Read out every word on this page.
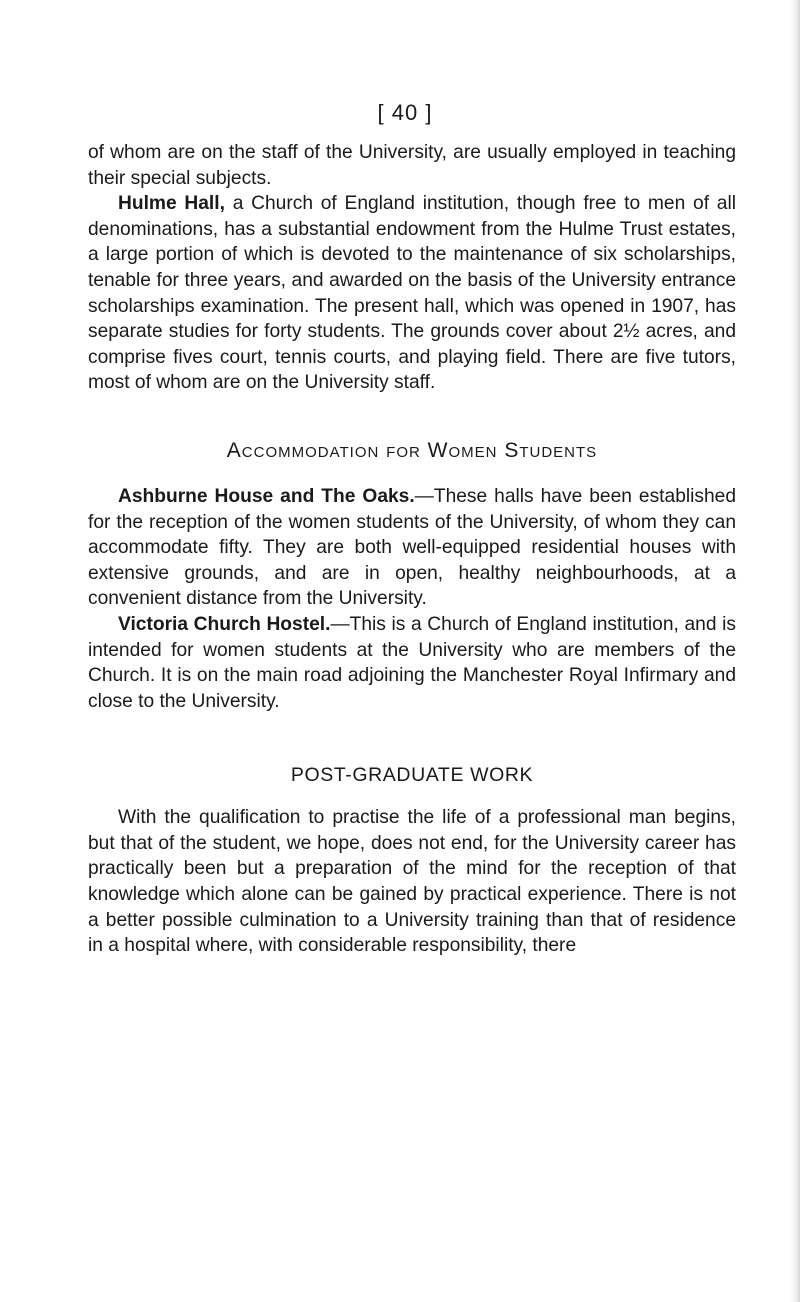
[ 40 ]

of whom are on the staff of the University, are usually employed in teaching their special subjects.

Hulme Hall, a Church of England institution, though free to men of all denominations, has a substantial endowment from the Hulme Trust estates, a large portion of which is devoted to the maintenance of six scholarships, tenable for three years, and awarded on the basis of the University entrance scholarships examination. The present hall, which was opened in 1907, has separate studies for forty students. The grounds cover about 2½ acres, and comprise fives court, tennis courts, and playing field. There are five tutors, most of whom are on the University staff.

Accommodation for Women Students

Ashburne House and The Oaks.—These halls have been established for the reception of the women students of the University, of whom they can accommodate fifty. They are both well-equipped residential houses with extensive grounds, and are in open, healthy neighbourhoods, at a convenient distance from the University.

Victoria Church Hostel.—This is a Church of England institution, and is intended for women students at the University who are members of the Church. It is on the main road adjoining the Manchester Royal Infirmary and close to the University.

POST-GRADUATE WORK

With the qualification to practise the life of a professional man begins, but that of the student, we hope, does not end, for the University career has practically been but a preparation of the mind for the reception of that knowledge which alone can be gained by practical experience. There is not a better possible culmination to a University training than that of residence in a hospital where, with considerable responsibility, there
